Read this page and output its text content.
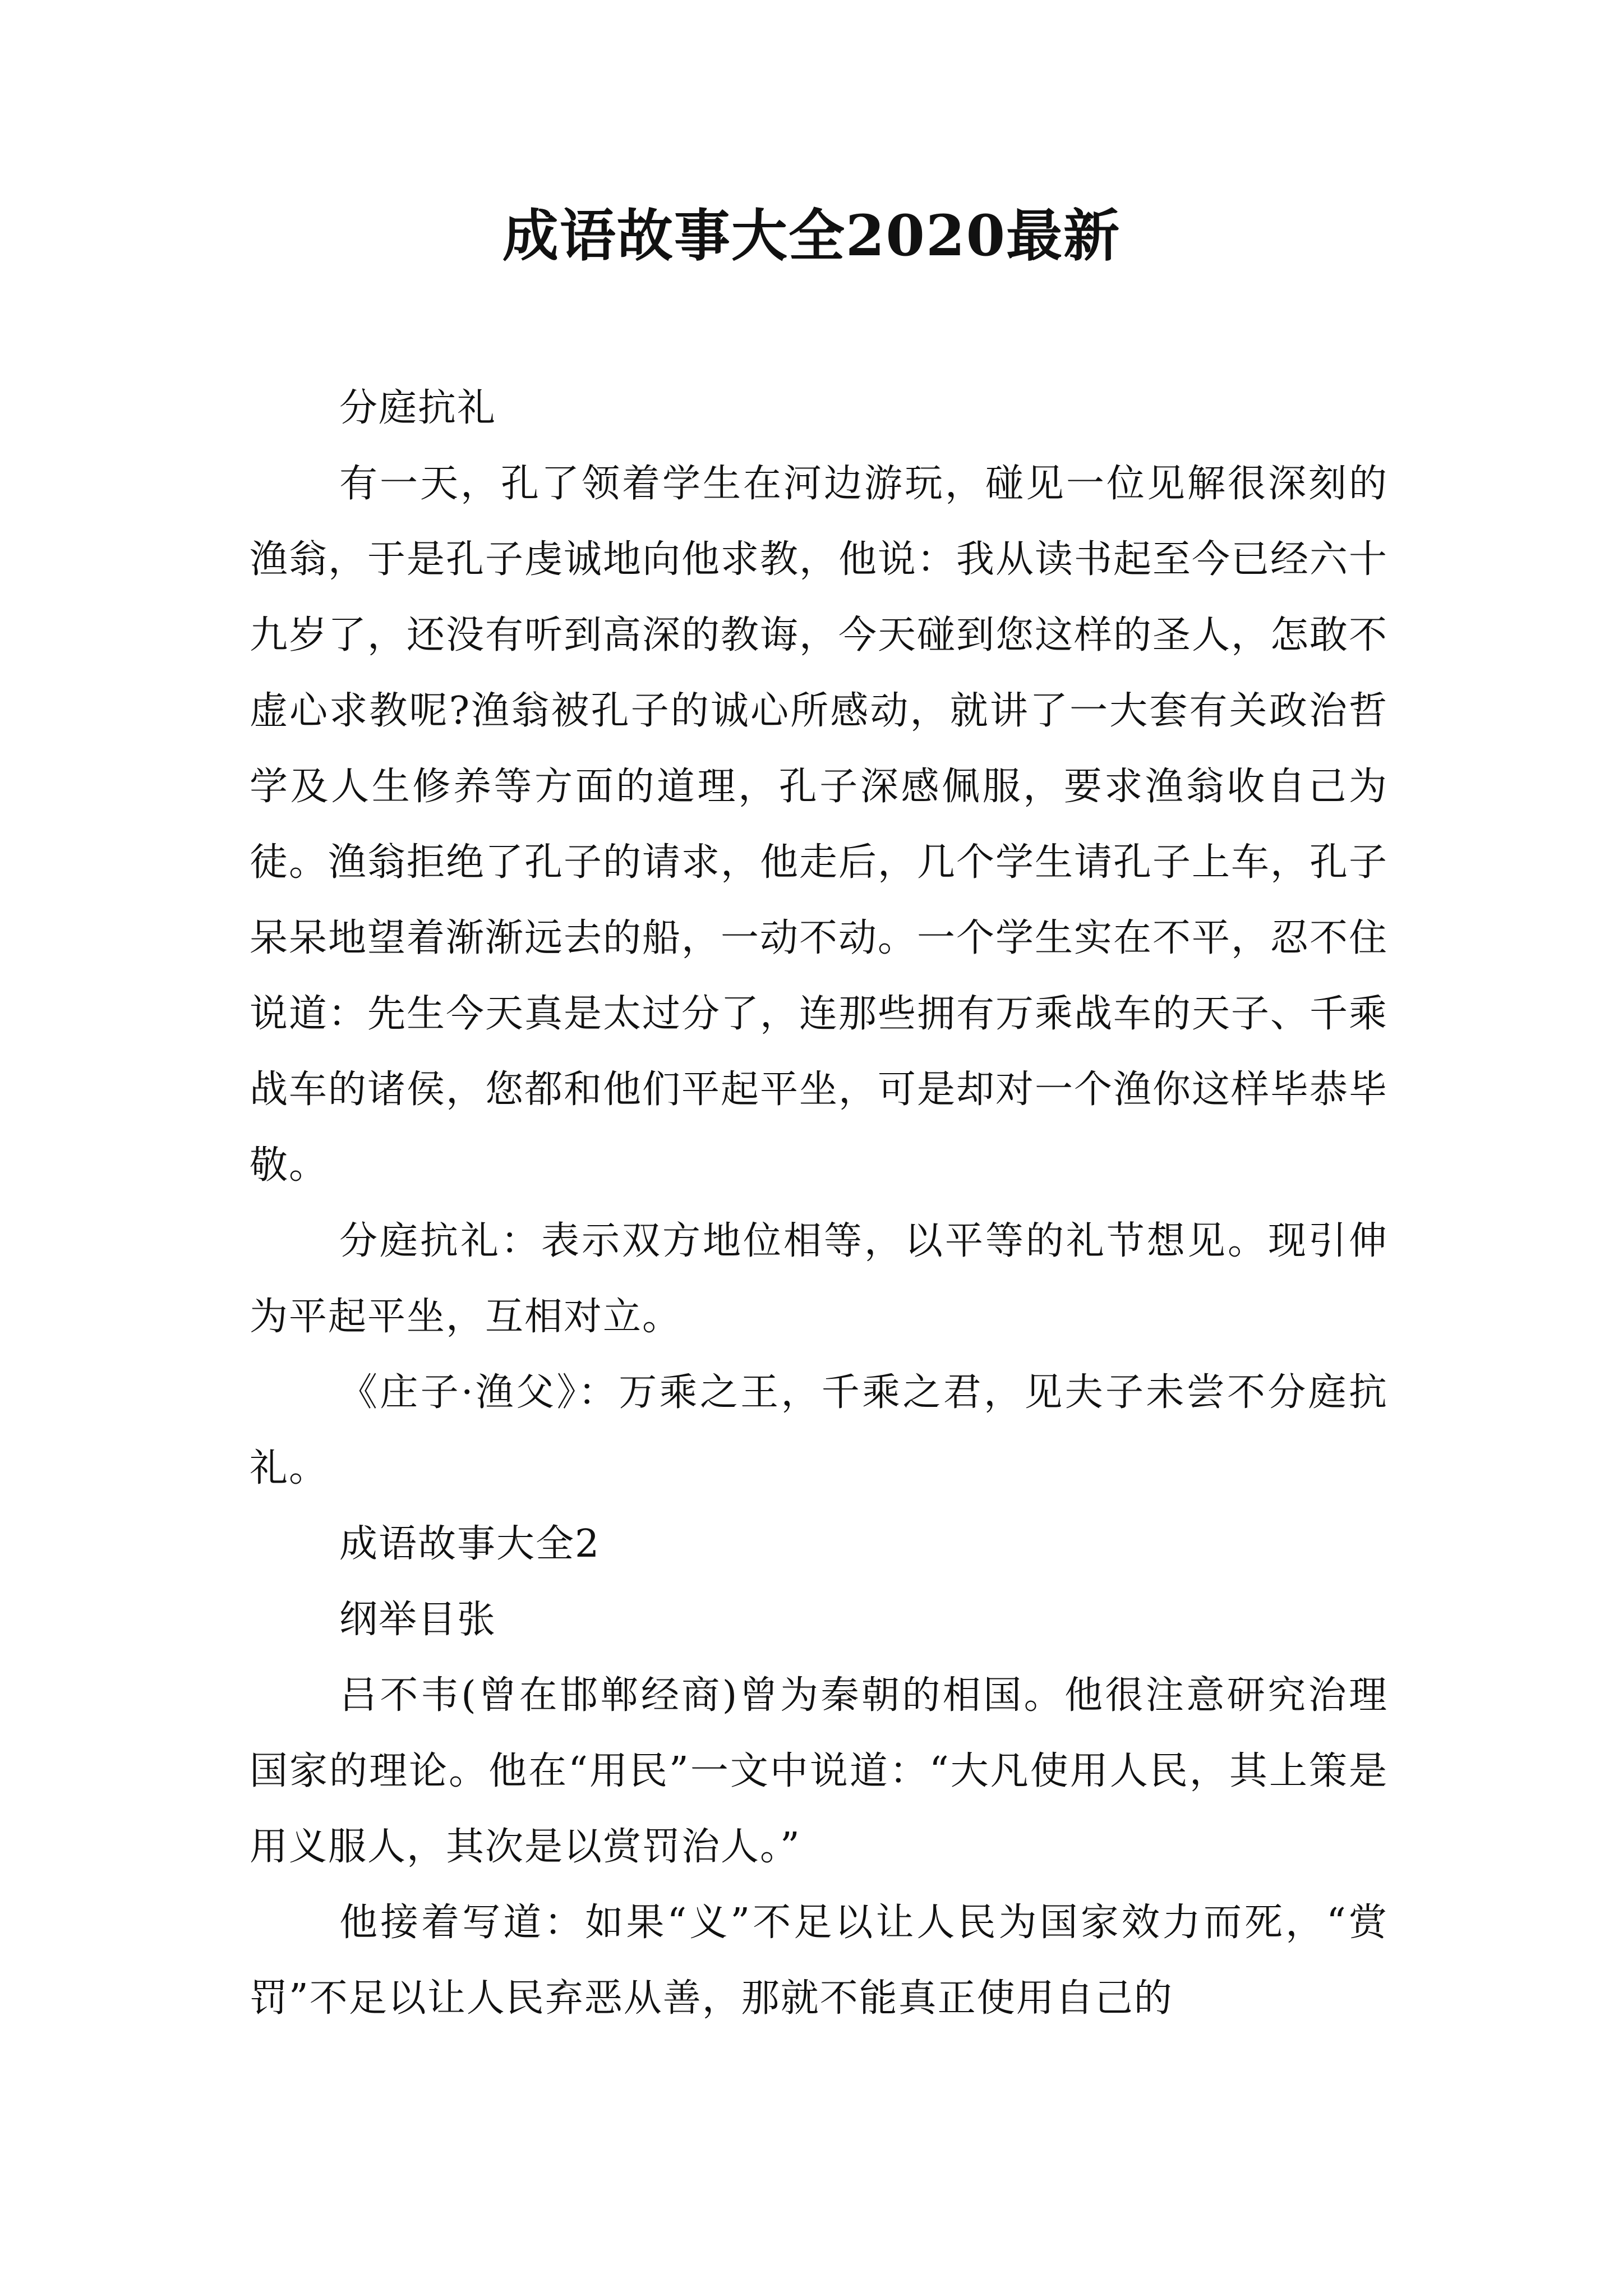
成语故事大全2020最新

分庭抗礼

有一天，孔了领着学生在河边游玩，碰见一位见解很深刻的渔翁，于是孔子虔诚地向他求教，他说：我从读书起至今已经六十九岁了，还没有听到高深的教诲，今天碰到您这样的圣人，怎敢不虚心求教呢?渔翁被孔子的诚心所感动，就讲了一大套有关政治哲学及人生修养等方面的道理，孔子深感佩服，要求渔翁收自己为徒。渔翁拒绝了孔子的请求，他走后，几个学生请孔子上车，孔子呆呆地望着渐渐远去的船，一动不动。一个学生实在不平，忍不住说道：先生今天真是太过分了，连那些拥有万乘战车的天子、千乘战车的诸侯，您都和他们平起平坐，可是却对一个渔你这样毕恭毕敬。

分庭抗礼：表示双方地位相等，以平等的礼节想见。现引伸为平起平坐，互相对立。

《庄子·渔父》：万乘之王，千乘之君，见夫子未尝不分庭抗礼。

成语故事大全2

纲举目张

吕不韦(曾在邯郸经商)曾为秦朝的相国。他很注意研究治理国家的理论。他在“用民”一文中说道：“大凡使用人民，其上策是用义服人，其次是以赏罚治人。”

他接着写道：如果“义”不足以让人民为国家效力而死，“赏罚”不足以让人民弃恶从善，那就不能真正使用自己的
